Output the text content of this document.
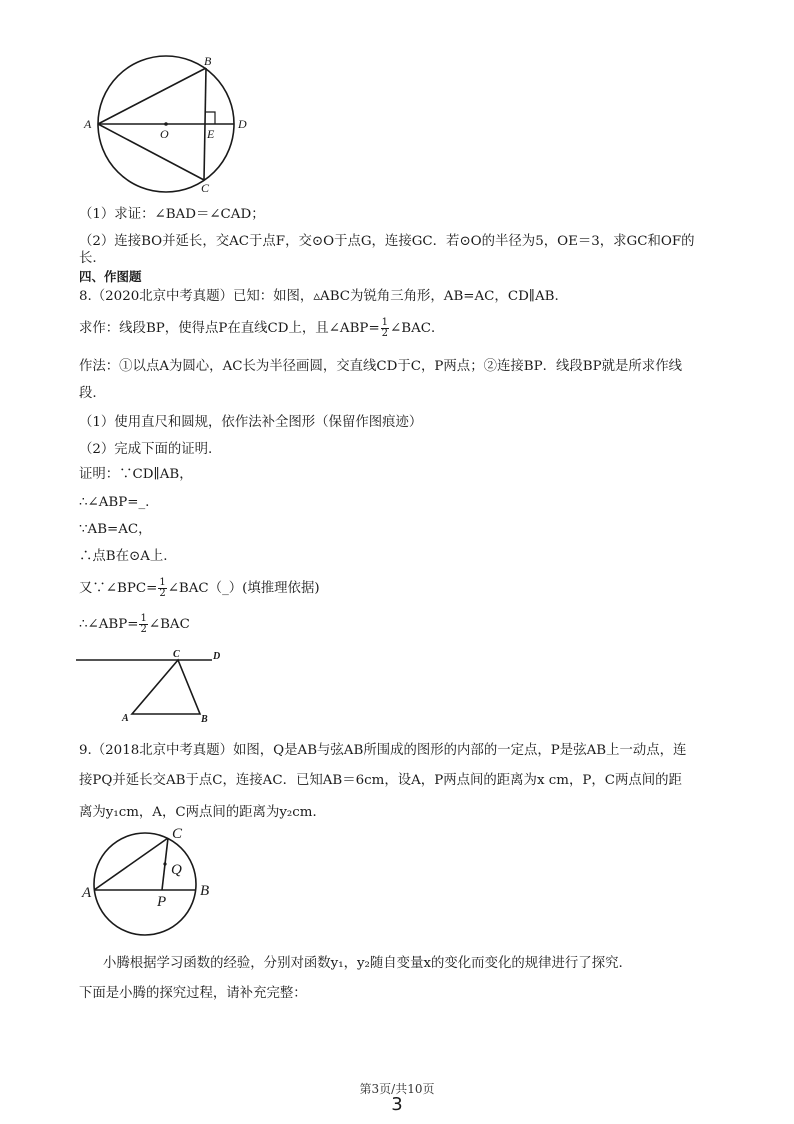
A
B
O	E
D
C
（1）求证：∠BAD＝∠CAD；
（2）连接BO并延长，交AC于点F，交⊙O于点G，连接GC．若⊙O的半径为5，OE＝3，求GC和OF的
长.
四、作图题
8.（2020北京中考真题）已知：如图，▵ABC为锐角三角形，AB=AC，CD∥AB.
求作：线段BP，使得点P在直线CD上，且∠ABP= $\frac{1}{2}$ ∠BAC．
作法：①以点A为圆心，AC长为半径画圆，交直线CD于C，P两点；②连接BP．线段BP就是所求作线
段.
（1）使用直尺和圆规，依作法补全图形（保留作图痕迹）
（2）完成下面的证明.
证明：∵CD∥AB，
∴∠ABP=_.
∵AB=AC，
∴点B在⊙A上.
又∵∠BPC= $\frac{1}{2}$ ∠BAC（_）(填推理依据)
∴∠ABP= $\frac{1}{2}$ ∠BAC
C	D
A	B
9.（2018北京中考真题）如图，Q是AB与弦AB所围成的图形的内部的一定点，P是弦AB上一动点，连
接PQ并延长交AB于点C，连接AC．已知AB＝6cm，设A，P两点间的距离为x cm，P，C两点间的距
离为y₁cm，A，C两点间的距离为y₂cm．
C
Q
A	B
P
小腾根据学习函数的经验，分别对函数y₁，y₂随自变量x的变化而变化的规律进行了探究.
下面是小腾的探究过程，请补充完整：
第3页/共10页
3
